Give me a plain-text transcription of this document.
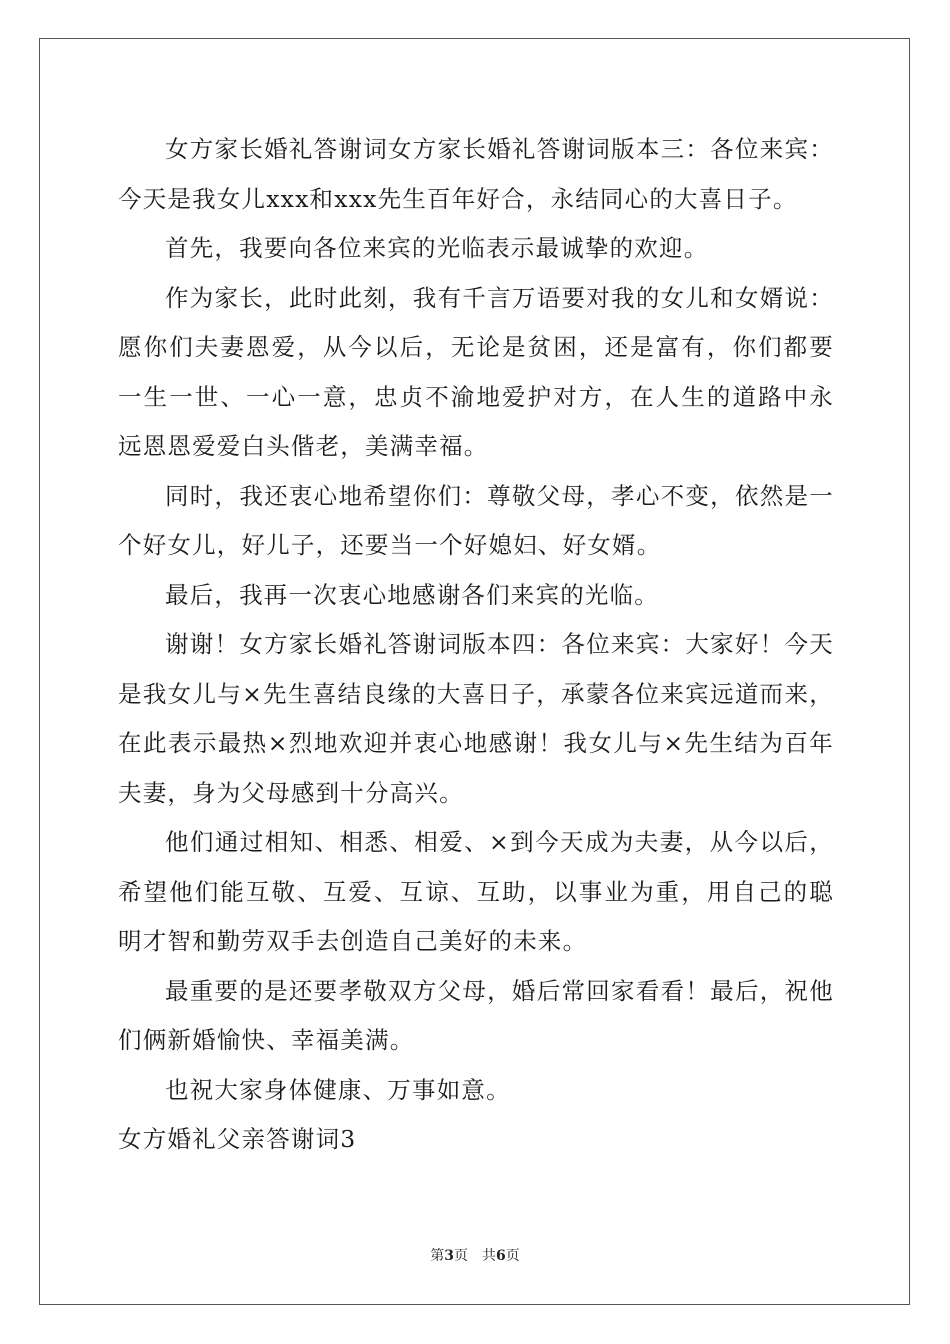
女方家长婚礼答谢词女方家长婚礼答谢词版本三：各位来宾：今天是我女儿xxx和xxx先生百年好合，永结同心的大喜日子。

首先，我要向各位来宾的光临表示最诚挚的欢迎。

作为家长，此时此刻，我有千言万语要对我的女儿和女婿说：愿你们夫妻恩爱，从今以后，无论是贫困，还是富有，你们都要一生一世、一心一意，忠贞不渝地爱护对方，在人生的道路中永远恩恩爱爱白头偕老，美满幸福。

同时，我还衷心地希望你们：尊敬父母，孝心不变，依然是一个好女儿，好儿子，还要当一个好媳妇、好女婿。

最后，我再一次衷心地感谢各们来宾的光临。

谢谢！女方家长婚礼答谢词版本四：各位来宾：大家好！今天是我女儿与×先生喜结良缘的大喜日子，承蒙各位来宾远道而来，在此表示最热×烈地欢迎并衷心地感谢！我女儿与×先生结为百年夫妻，身为父母感到十分高兴。

他们通过相知、相悉、相爱、×到今天成为夫妻，从今以后，希望他们能互敬、互爱、互谅、互助，以事业为重，用自己的聪明才智和勤劳双手去创造自己美好的未来。

最重要的是还要孝敬双方父母，婚后常回家看看！最后，祝他们俩新婚愉快、幸福美满。

也祝大家身体健康、万事如意。

女方婚礼父亲答谢词3

第3页 共6页
